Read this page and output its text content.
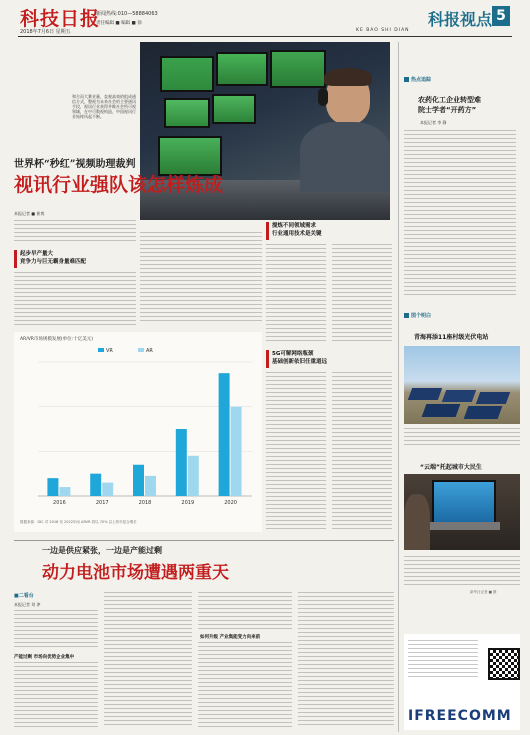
科技日报
2018年7月6日 星期五
新闻热线:010—58884063
责任编辑 ■ 编辑 ■ 徐	科报视点
KE BAO SHI DIAN
5
和合而大赛业量，直观高效的组成通信方式，整视为未来社会的主要通讯手段，视讯行业获得并维社会所可视领域，在中可数视构造，中国视讯行业始终风起不断。
世界杯“秒红”视频助理裁判
视讯行业强队该怎样炼成
本报记者 ■ 崔爽
起步早产量大
竞争力与巨无霸身量难匹配
搅炼不同领域需求
行业通用技术是关键
5G可解网络瓶颈
基础创新依旧任重道远
AR/VR市场规模发展(单位:十亿美元)
VR	AR
2016	2017	2018	2019	2020
数据来源：IDC 对 2018 至 2022年间 ARVR 将以 70% 以上的年复合增长
一边是供应紧张，一边是产能过剩
动力电池市场遭遇两重天
■二看台
本报记者 刘 津
产能过剩 市场向优势企业集中
如何升级 产业集能变力向来前
热点追踪
农药化工企业转型难
院士学者“开药方”
本报记者 李 静
图个明白
青海再添11座村级光伏电站
“云端”托起城市大民生
新华社记者 ■ 摄
IFREECOMM
